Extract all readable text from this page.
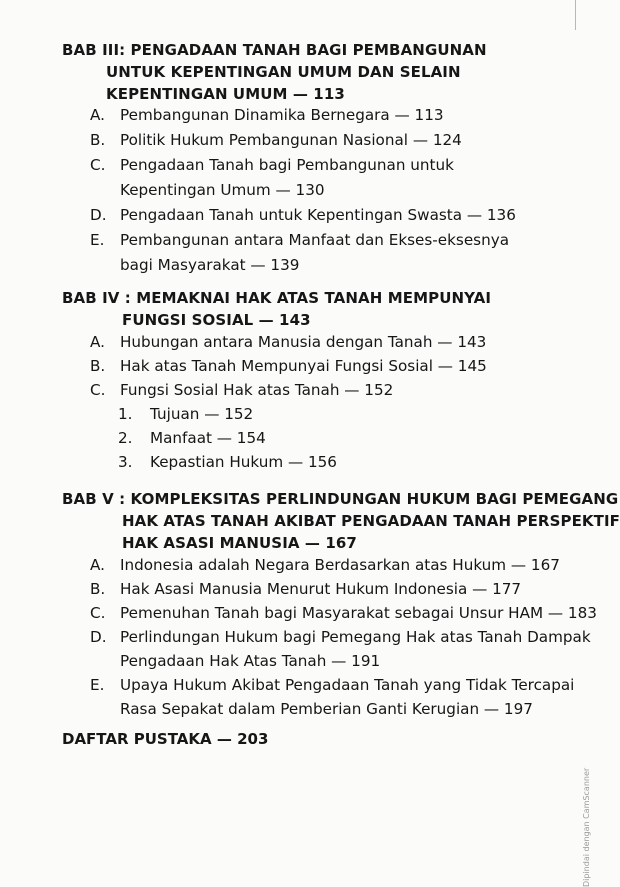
BAB III: PENGADAAN TANAH BAGI PEMBANGUNAN
UNTUK KEPENTINGAN UMUM DAN SELAIN
KEPENTINGAN UMUM — 113
A. Pembangunan Dinamika Bernegara — 113
B. Politik Hukum Pembangunan Nasional — 124
C. Pengadaan Tanah bagi Pembangunan untuk
Kepentingan Umum — 130
D. Pengadaan Tanah untuk Kepentingan Swasta — 136
E. Pembangunan antara Manfaat dan Ekses-eksesnya
bagi Masyarakat — 139
BAB IV : MEMAKNAI HAK ATAS TANAH MEMPUNYAI
FUNGSI SOSIAL — 143
A. Hubungan antara Manusia dengan Tanah — 143
B. Hak atas Tanah Mempunyai Fungsi Sosial — 145
C. Fungsi Sosial Hak atas Tanah — 152
1. Tujuan — 152
2. Manfaat — 154
3. Kepastian Hukum — 156
BAB V : KOMPLEKSITAS PERLINDUNGAN HUKUM BAGI PEMEGANG
HAK ATAS TANAH AKIBAT PENGADAAN TANAH PERSPEKTIF
HAK ASASI MANUSIA — 167
A. Indonesia adalah Negara Berdasarkan atas Hukum — 167
B. Hak Asasi Manusia Menurut Hukum Indonesia — 177
C. Pemenuhan Tanah bagi Masyarakat sebagai Unsur HAM — 183
D. Perlindungan Hukum bagi Pemegang Hak atas Tanah Dampak
Pengadaan Hak Atas Tanah — 191
E. Upaya Hukum Akibat Pengadaan Tanah yang Tidak Tercapai
Rasa Sepakat dalam Pemberian Ganti Kerugian — 197
DAFTAR PUSTAKA — 203
Dipindai dengan CamScanner
